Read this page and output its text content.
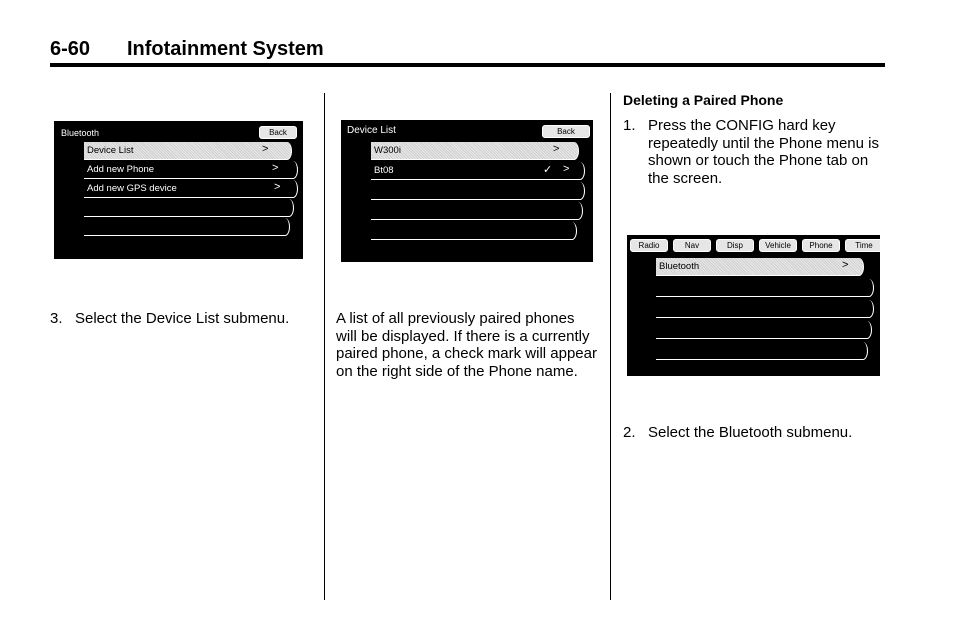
6-60 Infotainment System
Bluetooth	Back
Device List	>
Add new Phone	>
Add new GPS device	>
3. Select the Device List submenu.
Device List	Back
W300i	>
Bt08	✓ >
A list of all previously paired phones will be displayed. If there is a currently paired phone, a check mark will appear on the right side of the Phone name.
Deleting a Paired Phone
1. Press the CONFIG hard key repeatedly until the Phone menu is shown or touch the Phone tab on the screen.
Radio	Nav	Disp	Vehicle	Phone	Time
Bluetooth	>
2. Select the Bluetooth submenu.
